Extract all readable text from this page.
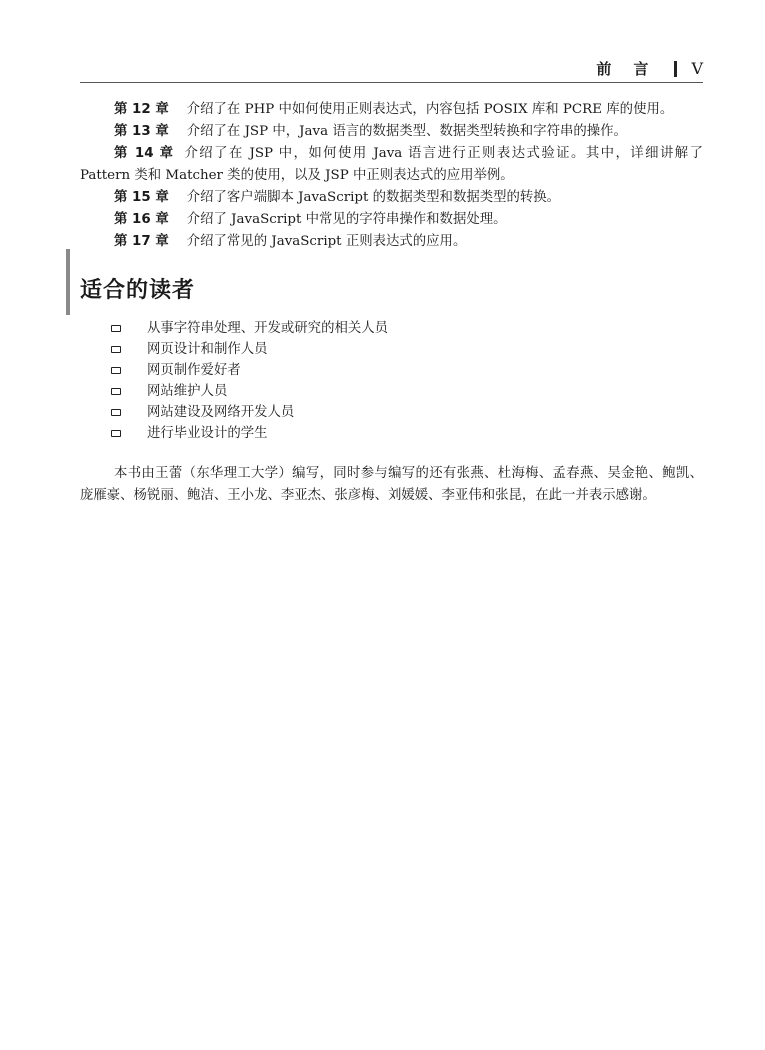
前言 V
第 12 章 介绍了在 PHP 中如何使用正则表达式，内容包括 POSIX 库和 PCRE 库的使用。
第 13 章 介绍了在 JSP 中，Java 语言的数据类型、数据类型转换和字符串的操作。
第 14 章 介绍了在 JSP 中，如何使用 Java 语言进行正则表达式验证。其中，详细讲解了 Pattern 类和 Matcher 类的使用，以及 JSP 中正则表达式的应用举例。
第 15 章 介绍了客户端脚本 JavaScript 的数据类型和数据类型的转换。
第 16 章 介绍了 JavaScript 中常见的字符串操作和数据处理。
第 17 章 介绍了常见的 JavaScript 正则表达式的应用。
适合的读者
从事字符串处理、开发或研究的相关人员
网页设计和制作人员
网页制作爱好者
网站维护人员
网站建设及网络开发人员
进行毕业设计的学生

本书由王蕾（东华理工大学）编写，同时参与编写的还有张燕、杜海梅、孟春燕、吴金艳、鲍凯、庞雁豪、杨锐丽、鲍洁、王小龙、李亚杰、张彦梅、刘媛媛、李亚伟和张昆，在此一并表示感谢。
